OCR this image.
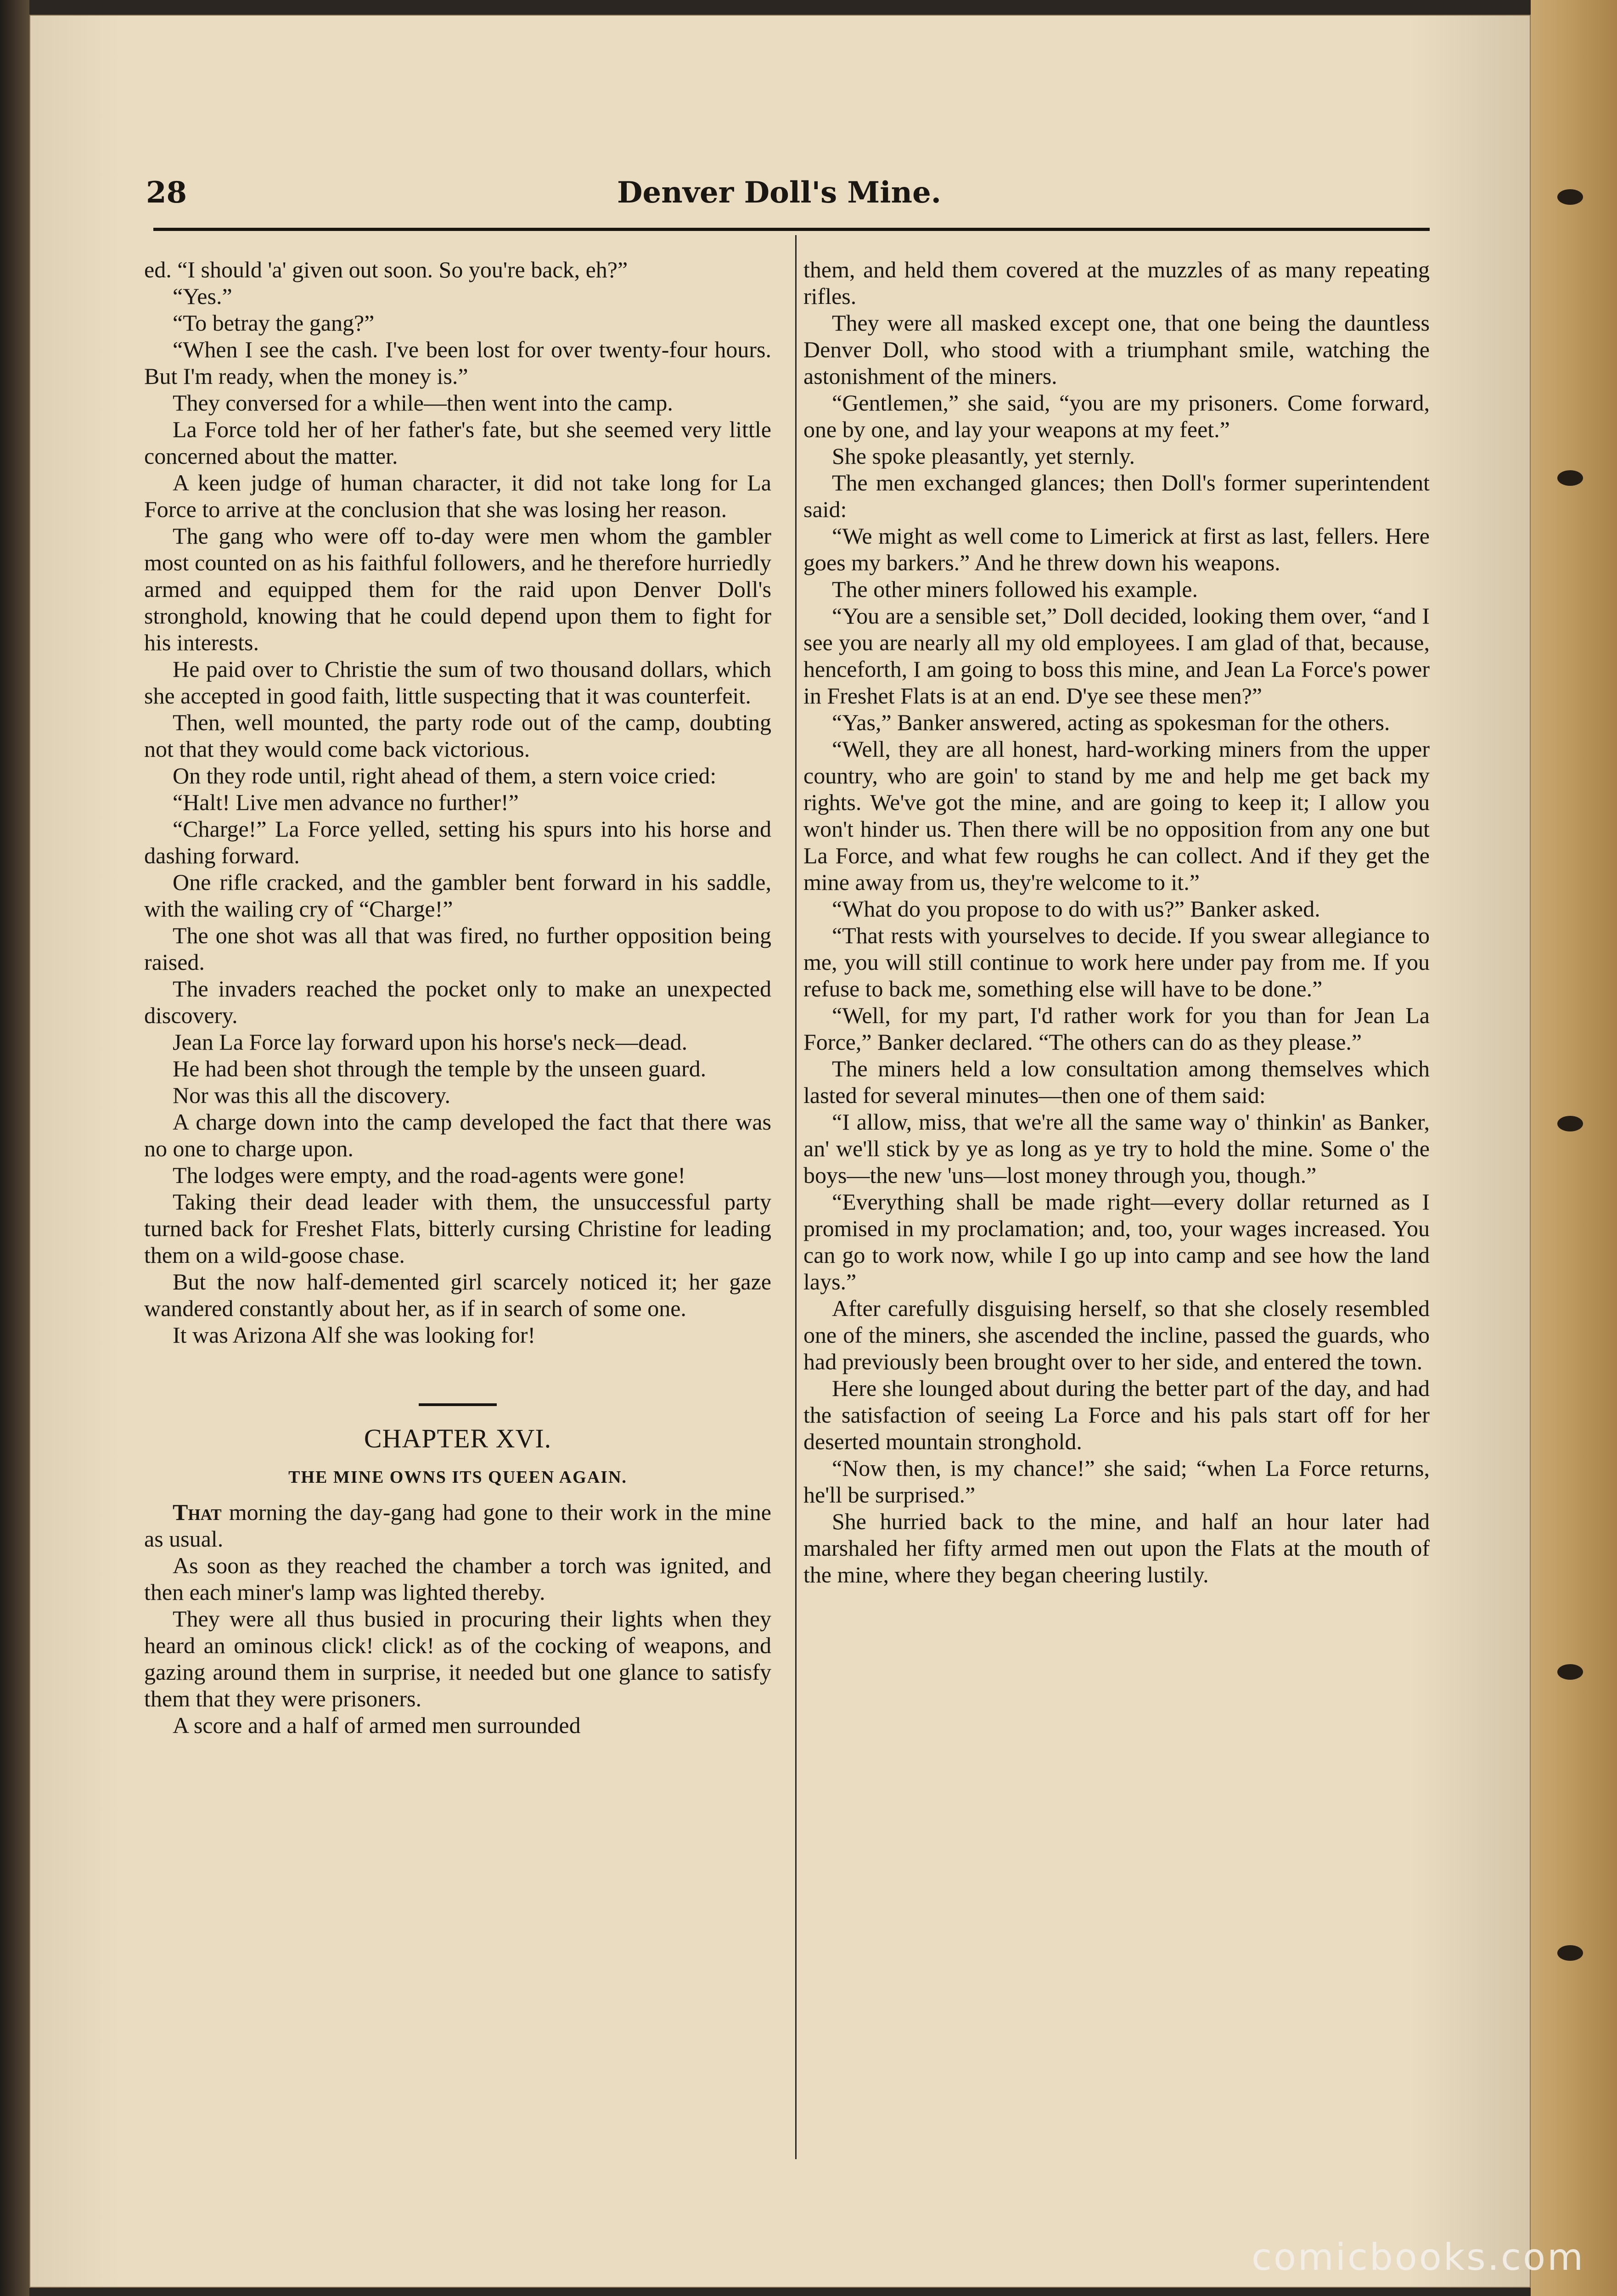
28	Denver Doll's Mine.

ed. “I should 'a' given out soon. So you're back, eh?”

“Yes.”

“To betray the gang?”

“When I see the cash. I've been lost for over twenty-four hours. But I'm ready, when the money is.”

They conversed for a while—then went into the camp.

La Force told her of her father's fate, but she seemed very little concerned about the matter.

A keen judge of human character, it did not take long for La Force to arrive at the conclusion that she was losing her reason.

The gang who were off to-day were men whom the gambler most counted on as his faithful followers, and he therefore hurriedly armed and equipped them for the raid upon Denver Doll's stronghold, knowing that he could depend upon them to fight for his interests.

He paid over to Christie the sum of two thousand dollars, which she accepted in good faith, little suspecting that it was counterfeit.

Then, well mounted, the party rode out of the camp, doubting not that they would come back victorious.

On they rode until, right ahead of them, a stern voice cried:

“Halt! Live men advance no further!”

“Charge!” La Force yelled, setting his spurs into his horse and dashing forward.

One rifle cracked, and the gambler bent forward in his saddle, with the wailing cry of “Charge!”

The one shot was all that was fired, no further opposition being raised.

The invaders reached the pocket only to make an unexpected discovery.

Jean La Force lay forward upon his horse's neck—dead.

He had been shot through the temple by the unseen guard.

Nor was this all the discovery.

A charge down into the camp developed the fact that there was no one to charge upon.

The lodges were empty, and the road-agents were gone!

Taking their dead leader with them, the unsuccessful party turned back for Freshet Flats, bitterly cursing Christine for leading them on a wild-goose chase.

But the now half-demented girl scarcely noticed it; her gaze wandered constantly about her, as if in search of some one.

It was Arizona Alf she was looking for!

CHAPTER XVI.

THE MINE OWNS ITS QUEEN AGAIN.

That morning the day-gang had gone to their work in the mine as usual.

As soon as they reached the chamber a torch was ignited, and then each miner's lamp was lighted thereby.

They were all thus busied in procuring their lights when they heard an ominous click! click! as of the cocking of weapons, and gazing around them in surprise, it needed but one glance to satisfy them that they were prisoners.

A score and a half of armed men surrounded

them, and held them covered at the muzzles of as many repeating rifles.

They were all masked except one, that one being the dauntless Denver Doll, who stood with a triumphant smile, watching the astonishment of the miners.

“Gentlemen,” she said, “you are my prisoners. Come forward, one by one, and lay your weapons at my feet.”

She spoke pleasantly, yet sternly.

The men exchanged glances; then Doll's former superintendent said:

“We might as well come to Limerick at first as last, fellers. Here goes my barkers.” And he threw down his weapons.

The other miners followed his example.

“You are a sensible set,” Doll decided, looking them over, “and I see you are nearly all my old employees. I am glad of that, because, henceforth, I am going to boss this mine, and Jean La Force's power in Freshet Flats is at an end. D'ye see these men?”

“Yas,” Banker answered, acting as spokesman for the others.

“Well, they are all honest, hard-working miners from the upper country, who are goin' to stand by me and help me get back my rights. We've got the mine, and are going to keep it; I allow you won't hinder us. Then there will be no opposition from any one but La Force, and what few roughs he can collect. And if they get the mine away from us, they're welcome to it.”

“What do you propose to do with us?” Banker asked.

“That rests with yourselves to decide. If you swear allegiance to me, you will still continue to work here under pay from me. If you refuse to back me, something else will have to be done.”

“Well, for my part, I'd rather work for you than for Jean La Force,” Banker declared. “The others can do as they please.”

The miners held a low consultation among themselves which lasted for several minutes—then one of them said:

“I allow, miss, that we're all the same way o' thinkin' as Banker, an' we'll stick by ye as long as ye try to hold the mine. Some o' the boys—the new 'uns—lost money through you, though.”

“Everything shall be made right—every dollar returned as I promised in my proclamation; and, too, your wages increased. You can go to work now, while I go up into camp and see how the land lays.”

After carefully disguising herself, so that she closely resembled one of the miners, she ascended the incline, passed the guards, who had previously been brought over to her side, and entered the town.

Here she lounged about during the better part of the day, and had the satisfaction of seeing La Force and his pals start off for her deserted mountain stronghold.

“Now then, is my chance!” she said; “when La Force returns, he'll be surprised.”

She hurried back to the mine, and half an hour later had marshaled her fifty armed men out upon the Flats at the mouth of the mine, where they began cheering lustily.

comicbooks.com
